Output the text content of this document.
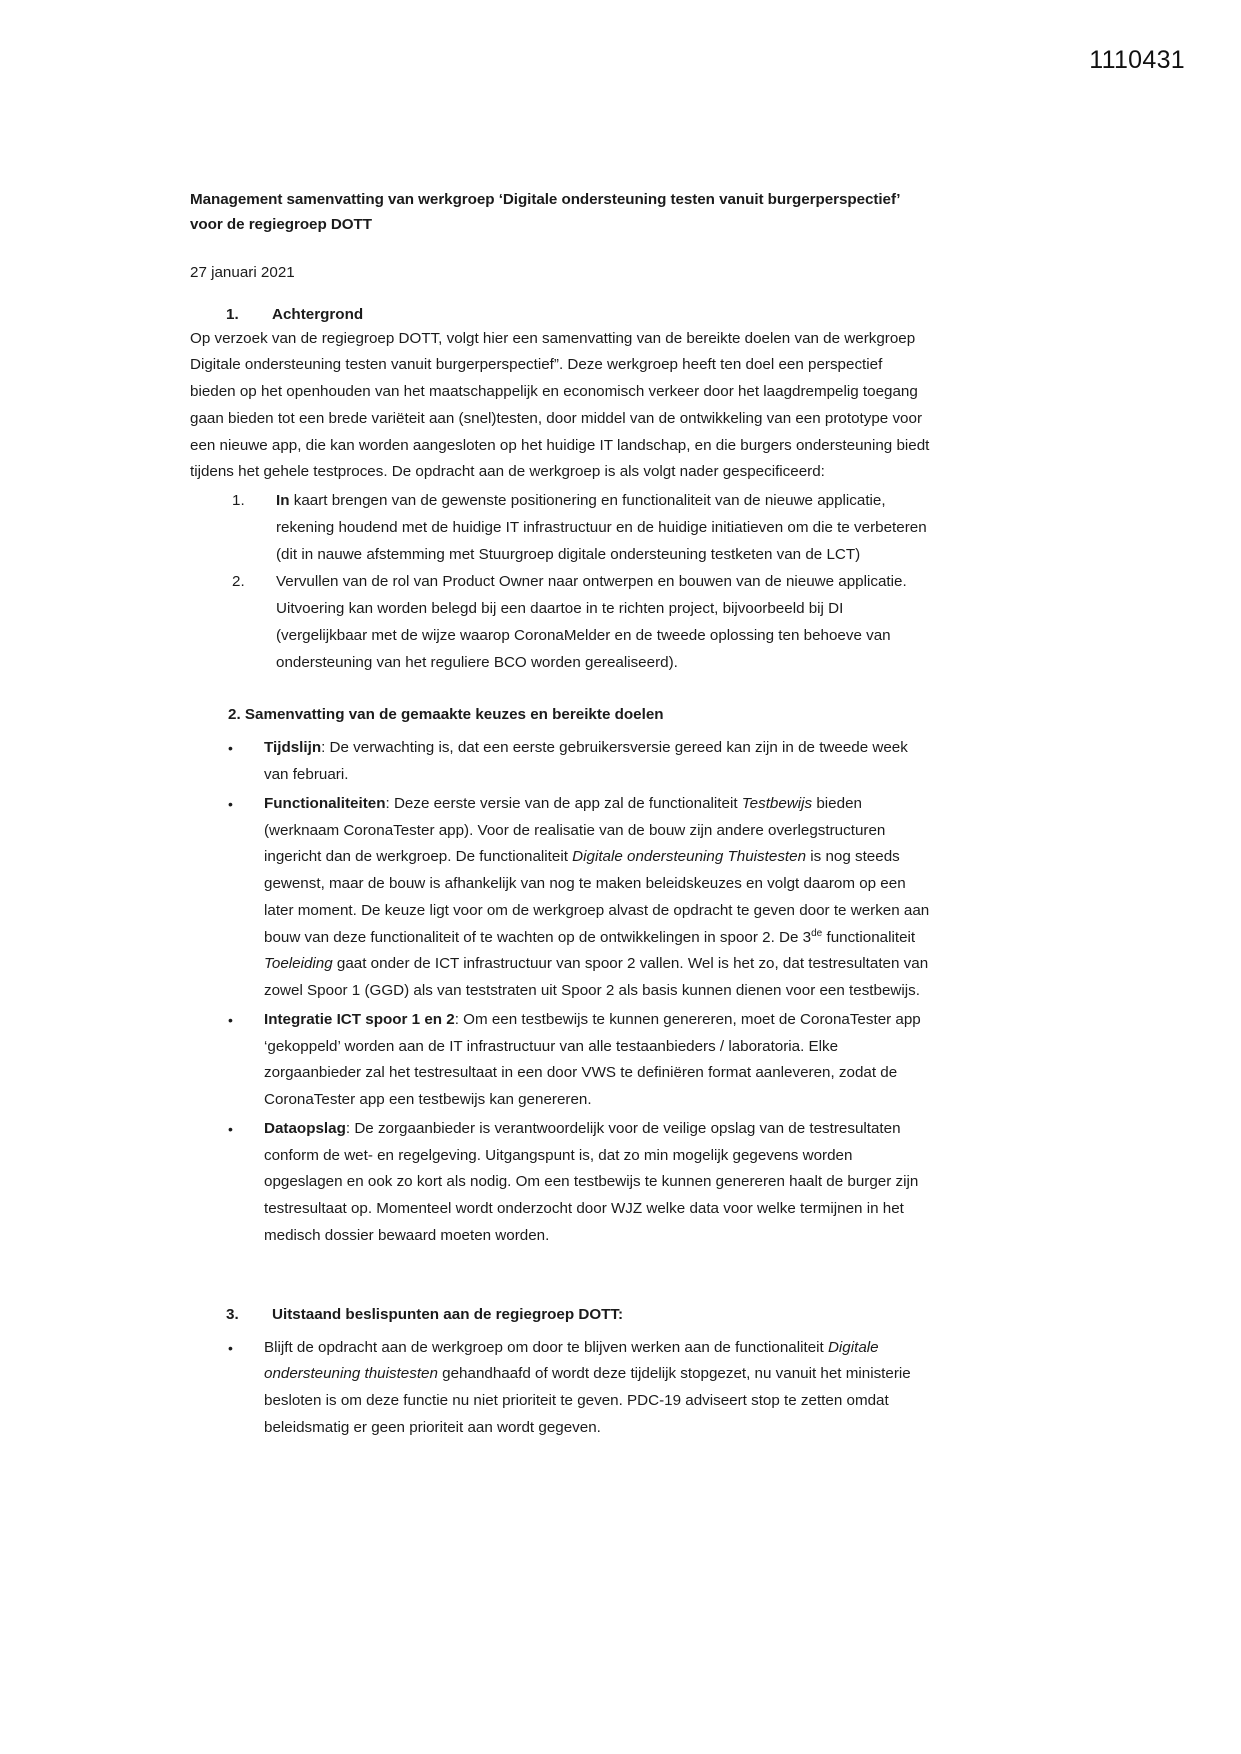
1110431
Management samenvatting van werkgroep ‘Digitale ondersteuning testen vanuit burgerperspectief’ voor de regiegroep DOTT

27 januari 2021

1.	Achtergrond

Op verzoek van de regiegroep DOTT, volgt hier een samenvatting van de bereikte doelen van de werkgroep Digitale ondersteuning testen vanuit burgerperspectief”. Deze werkgroep heeft ten doel een perspectief bieden op het openhouden van het maatschappelijk en economisch verkeer door het laagdrempelig toegang gaan bieden tot een brede variëteit aan (snel)testen, door middel van de ontwikkeling van een prototype voor een nieuwe app, die kan worden aangesloten op het huidige IT landschap, en die burgers ondersteuning biedt tijdens het gehele testproces. De opdracht aan de werkgroep is als volgt nader gespecificeerd:

1.	In kaart brengen van de gewenste positionering en functionaliteit van de nieuwe applicatie, rekening houdend met de huidige IT infrastructuur en de huidige initiatieven om die te verbeteren (dit in nauwe afstemming met Stuurgroep digitale ondersteuning testketen van de LCT)
2.	Vervullen van de rol van Product Owner naar ontwerpen en bouwen van de nieuwe applicatie. Uitvoering kan worden belegd bij een daartoe in te richten project, bijvoorbeeld bij DI (vergelijkbaar met de wijze waarop CoronaMelder en de tweede oplossing ten behoeve van ondersteuning van het reguliere BCO worden gerealiseerd).
2. Samenvatting van de gemaakte keuzes en bereikte doelen
•	Tijdslijn: De verwachting is, dat een eerste gebruikersversie gereed kan zijn in de tweede week van februari.
•	Functionaliteiten: Deze eerste versie van de app zal de functionaliteit Testbewijs bieden (werknaam CoronaTester app). Voor de realisatie van de bouw zijn andere overlegstructuren ingericht dan de werkgroep. De functionaliteit Digitale ondersteuning Thuistesten is nog steeds gewenst, maar de bouw is afhankelijk van nog te maken beleidskeuzes en volgt daarom op een later moment. De keuze ligt voor om de werkgroep alvast de opdracht te geven door te werken aan bouw van deze functionaliteit of te wachten op de ontwikkelingen in spoor 2. De 3de functionaliteit Toeleiding gaat onder de ICT infrastructuur van spoor 2 vallen. Wel is het zo, dat testresultaten van zowel Spoor 1 (GGD) als van teststraten uit Spoor 2 als basis kunnen dienen voor een testbewijs.
•	Integratie ICT spoor 1 en 2: Om een testbewijs te kunnen genereren, moet de CoronaTester app ‘gekoppeld’ worden aan de IT infrastructuur van alle testaanbieders / laboratoria. Elke zorgaanbieder zal het testresultaat in een door VWS te definiëren format aanleveren, zodat de CoronaTester app een testbewijs kan genereren.
•	Dataopslag: De zorgaanbieder is verantwoordelijk voor de veilige opslag van de testresultaten conform de wet- en regelgeving. Uitgangspunt is, dat zo min mogelijk gegevens worden opgeslagen en ook zo kort als nodig. Om een testbewijs te kunnen genereren haalt de burger zijn testresultaat op. Momenteel wordt onderzocht door WJZ welke data voor welke termijnen in het medisch dossier bewaard moeten worden.
3.	Uitstaand beslispunten aan de regiegroep DOTT:
•	Blijft de opdracht aan de werkgroep om door te blijven werken aan de functionaliteit Digitale ondersteuning thuistesten gehandhaafd of wordt deze tijdelijk stopgezet, nu vanuit het ministerie besloten is om deze functie nu niet prioriteit te geven. PDC-19 adviseert stop te zetten omdat beleidsmatig er geen prioriteit aan wordt gegeven.
